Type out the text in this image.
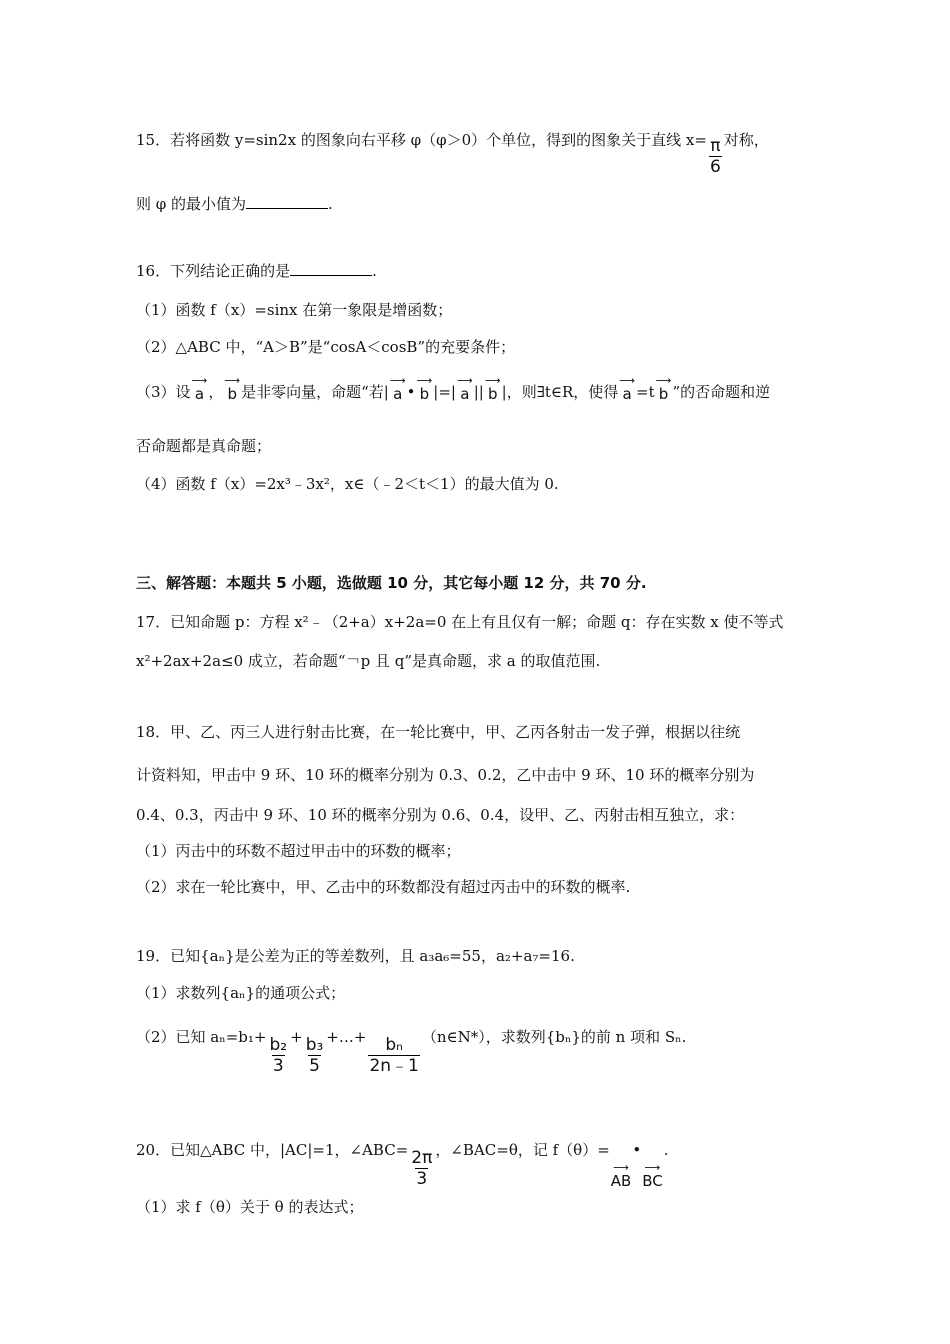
15．若将函数 y=sin2x 的图象向右平移 φ（φ＞0）个单位，得到的图象关于直线 $x= \frac{\pi}{6}$ 对称，
则 φ 的最小值为	.
16．下列结论正确的是	.
（1）函数 f（x）=sinx 在第一象限是增函数；
（2）△ABC 中，“A＞B”是“cosA＜cosB”的充要条件；
（3）设
⟶
a ，
⟶
b 是非零向量，命题“若|
⟶
a •
⟶
b |=|
⟶
a ||
⟶
b |，则∃t∈R，使得
⟶
a =t
⟶
b ”的否命题和逆
否命题都是真命题；
（4）函数 f（x）=2x³﹣3x²，x∈（﹣2＜t＜1）的最大值为 0.
三、解答题：本题共 5 小题，选做题 10 分，其它每小题 12 分，共 70 分.
17．已知命题 p：方程 x²﹣（2+a）x+2a=0 在上有且仅有一解；命题 q：存在实数 x 使不等式
x²+2ax+2a≤0 成立，若命题“￢p 且 q”是真命题，求 a 的取值范围.
18．甲、乙、丙三人进行射击比赛，在一轮比赛中，甲、乙丙各射击一发子弹，根据以往统
计资料知，甲击中 9 环、10 环的概率分别为 0.3、0.2，乙中击中 9 环、10 环的概率分别为
0.4、0.3，丙击中 9 环、10 环的概率分别为 0.6、0.4，设甲、乙、丙射击相互独立，求：
（1）丙击中的环数不超过甲击中的环数的概率；
（2）求在一轮比赛中，甲、乙击中的环数都没有超过丙击中的环数的概率.
19．已知{aₙ}是公差为正的等差数列，且 a₃a₆=55，a₂+a₇=16.
（1）求数列{aₙ}的通项公式；
（2）已知 $a_n=b_1+ \frac{\text{b₂}}{3} + \frac{\text{b₃}}{5}$ +…+ $\frac{\text{bₙ}}{2n﹣1}$ （n∈N*），求数列{bₙ}的前 n 项和 Sₙ.
20．已知△ABC 中，|AC|=1，∠ABC= $\frac{2\pi}{3}$ ，∠BAC=θ，记 f（θ）=
⟶
AB
•
⟶
BC
.
（1）求 f（θ）关于 θ 的表达式；
